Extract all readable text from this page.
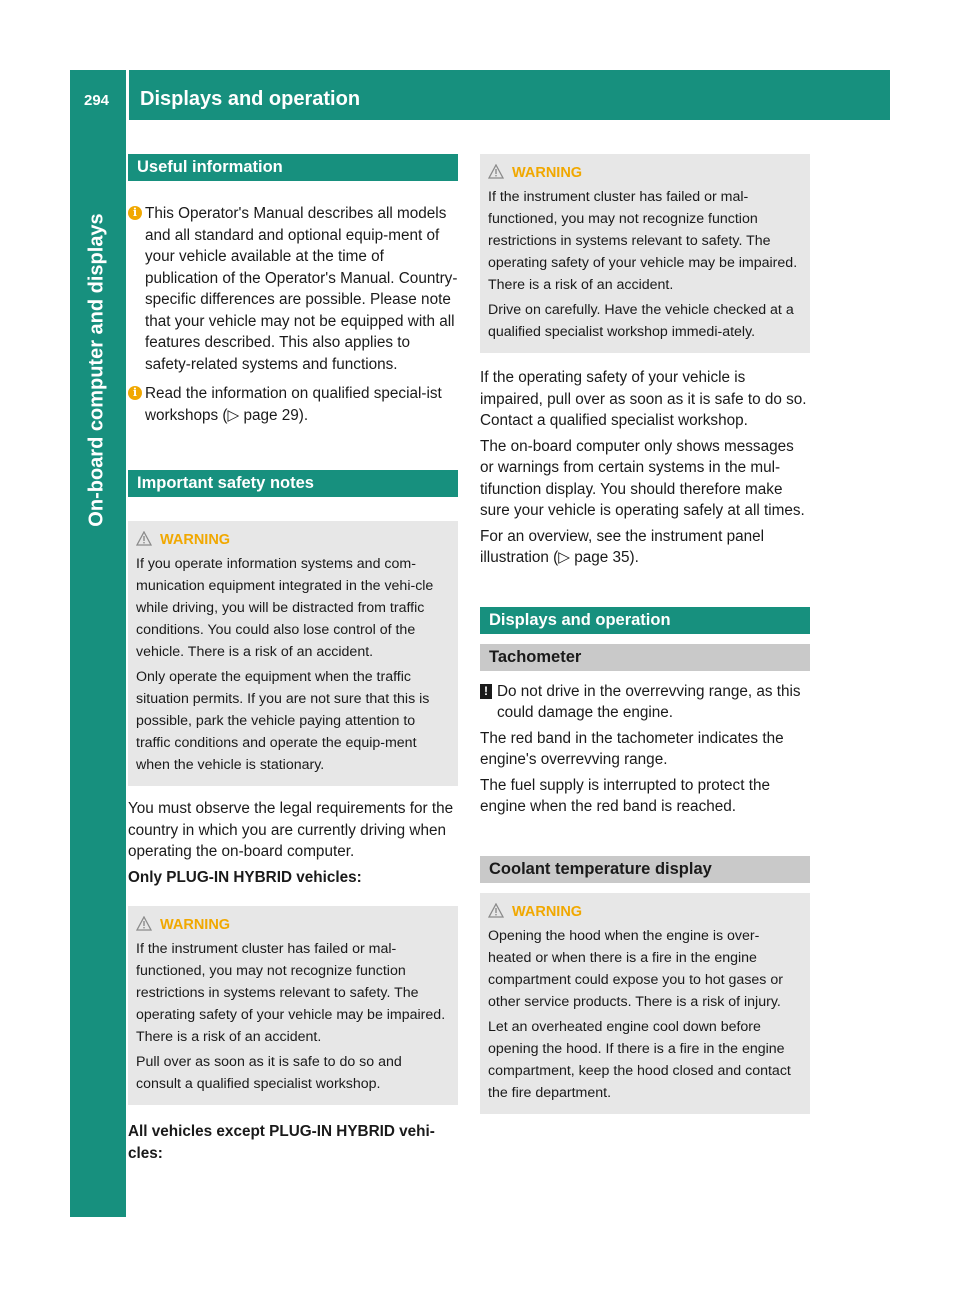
294 Displays and operation
On-board computer and displays
Useful information
i This Operator's Manual describes all models and all standard and optional equip-ment of your vehicle available at the time of publication of the Operator's Manual. Country-specific differences are possible. Please note that your vehicle may not be equipped with all features described. This also applies to safety-related systems and functions.
i Read the information on qualified special-ist workshops (▷ page 29).
Important safety notes
WARNING

If you operate information systems and com-munication equipment integrated in the vehi-cle while driving, you will be distracted from traffic conditions. You could also lose control of the vehicle. There is a risk of an accident.

Only operate the equipment when the traffic situation permits. If you are not sure that this is possible, park the vehicle paying attention to traffic conditions and operate the equip-ment when the vehicle is stationary.

You must observe the legal requirements for the country in which you are currently driving when operating the on-board computer.

Only PLUG-IN HYBRID vehicles:

WARNING

If the instrument cluster has failed or mal-functioned, you may not recognize function restrictions in systems relevant to safety. The operating safety of your vehicle may be impaired. There is a risk of an accident.

Pull over as soon as it is safe to do so and consult a qualified specialist workshop.

All vehicles except PLUG-IN HYBRID vehi-cles:

WARNING

If the instrument cluster has failed or mal-functioned, you may not recognize function restrictions in systems relevant to safety. The operating safety of your vehicle may be impaired. There is a risk of an accident.

Drive on carefully. Have the vehicle checked at a qualified specialist workshop immedi-ately.

If the operating safety of your vehicle is impaired, pull over as soon as it is safe to do so. Contact a qualified specialist workshop.

The on-board computer only shows messages or warnings from certain systems in the mul-tifunction display. You should therefore make sure your vehicle is operating safely at all times.

For an overview, see the instrument panel illustration (▷ page 35).

Displays and operation
Tachometer
! Do not drive in the overrevving range, as this could damage the engine.

The red band in the tachometer indicates the engine's overrevving range.

The fuel supply is interrupted to protect the engine when the red band is reached.

Coolant temperature display
WARNING

Opening the hood when the engine is over-heated or when there is a fire in the engine compartment could expose you to hot gases or other service products. There is a risk of injury.

Let an overheated engine cool down before opening the hood. If there is a fire in the engine compartment, keep the hood closed and contact the fire department.
